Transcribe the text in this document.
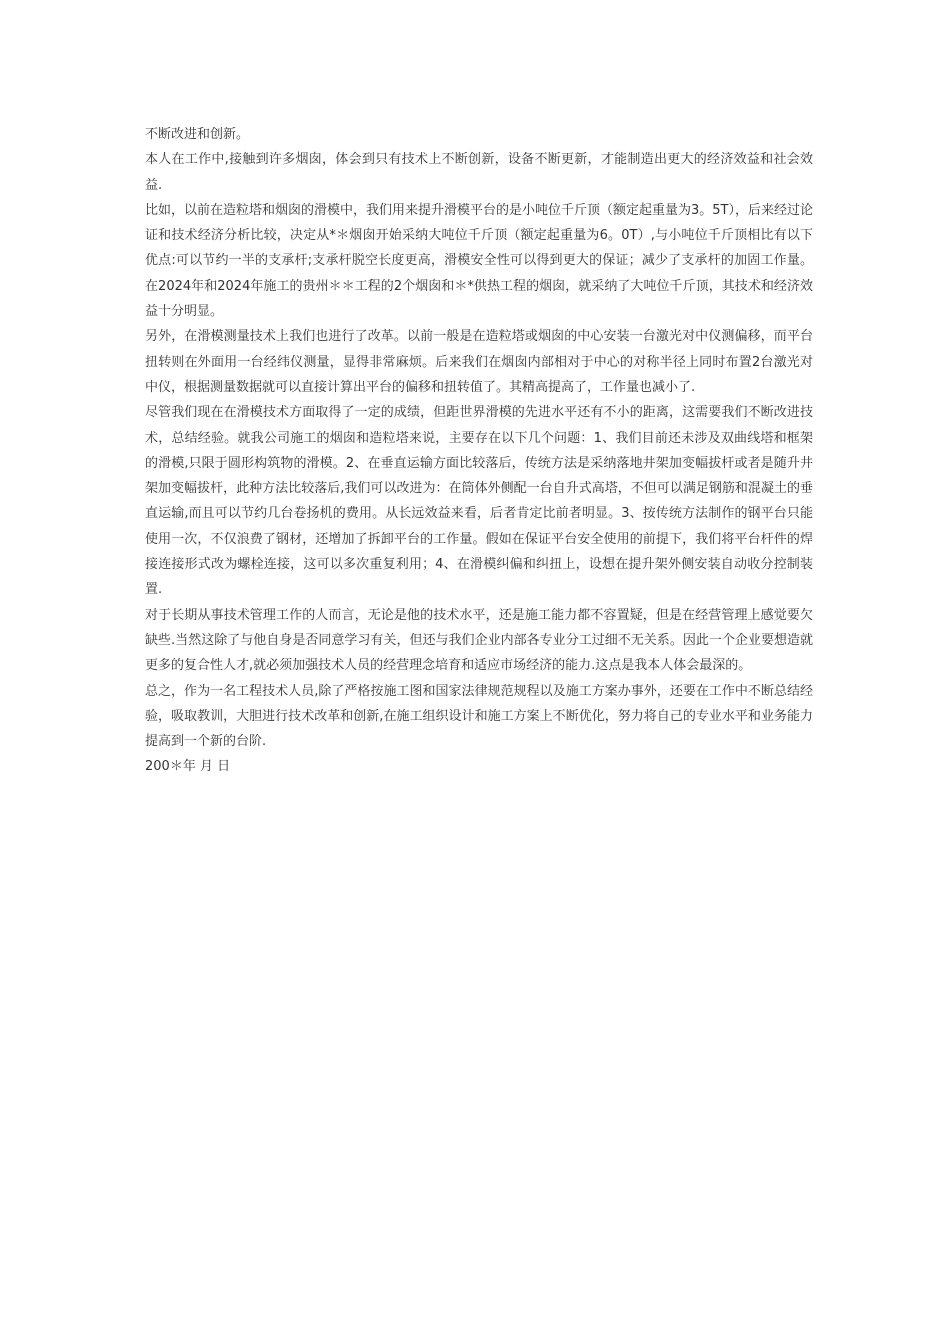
不断改进和创新。

本人在工作中,接触到许多烟囱，体会到只有技术上不断创新，设备不断更新，才能制造出更大的经济效益和社会效益.

比如，以前在造粒塔和烟囱的滑模中，我们用来提升滑模平台的是小吨位千斤顶（额定起重量为3。5T），后来经过论证和技术经济分析比较，决定从*＊烟囱开始采纳大吨位千斤顶（额定起重量为6。0T）,与小吨位千斤顶相比有以下优点:可以节约一半的支承杆;支承杆脱空长度更高，滑模安全性可以得到更大的保证；减少了支承杆的加固工作量。在2024年和2024年施工的贵州＊＊工程的2个烟囱和＊*供热工程的烟囱，就采纳了大吨位千斤顶，其技术和经济效益十分明显。

另外，在滑模测量技术上我们也进行了改革。以前一般是在造粒塔或烟囱的中心安装一台激光对中仪测偏移，而平台扭转则在外面用一台经纬仪测量，显得非常麻烦。后来我们在烟囱内部相对于中心的对称半径上同时布置2台激光对中仪，根据测量数据就可以直接计算出平台的偏移和扭转值了。其精高提高了，工作量也减小了.

尽管我们现在在滑模技术方面取得了一定的成绩，但距世界滑模的先进水平还有不小的距离，这需要我们不断改进技术，总结经验。就我公司施工的烟囱和造粒塔来说，主要存在以下几个问题：1、我们目前还未涉及双曲线塔和框架的滑模,只限于圆形构筑物的滑模。2、在垂直运输方面比较落后，传统方法是采纳落地井架加变幅拔杆或者是随升井架加变幅拔杆，此种方法比较落后,我们可以改进为：在筒体外侧配一台自升式高塔，不但可以满足钢筋和混凝土的垂直运输,而且可以节约几台卷扬机的费用。从长远效益来看，后者肯定比前者明显。3、按传统方法制作的钢平台只能使用一次，不仅浪费了钢材，还增加了拆卸平台的工作量。假如在保证平台安全使用的前提下，我们将平台杆件的焊接连接形式改为螺栓连接，这可以多次重复利用；4、在滑模纠偏和纠扭上，设想在提升架外侧安装自动收分控制装置.

对于长期从事技术管理工作的人而言，无论是他的技术水平，还是施工能力都不容置疑，但是在经营管理上感觉要欠缺些.当然这除了与他自身是否同意学习有关，但还与我们企业内部各专业分工过细不无关系。因此一个企业要想造就更多的复合性人才,就必须加强技术人员的经营理念培育和适应市场经济的能力.这点是我本人体会最深的。

总之，作为一名工程技术人员,除了严格按施工图和国家法律规范规程以及施工方案办事外，还要在工作中不断总结经验，吸取教训，大胆进行技术改革和创新,在施工组织设计和施工方案上不断优化，努力将自己的专业水平和业务能力提高到一个新的台阶.

200＊年 月 日
